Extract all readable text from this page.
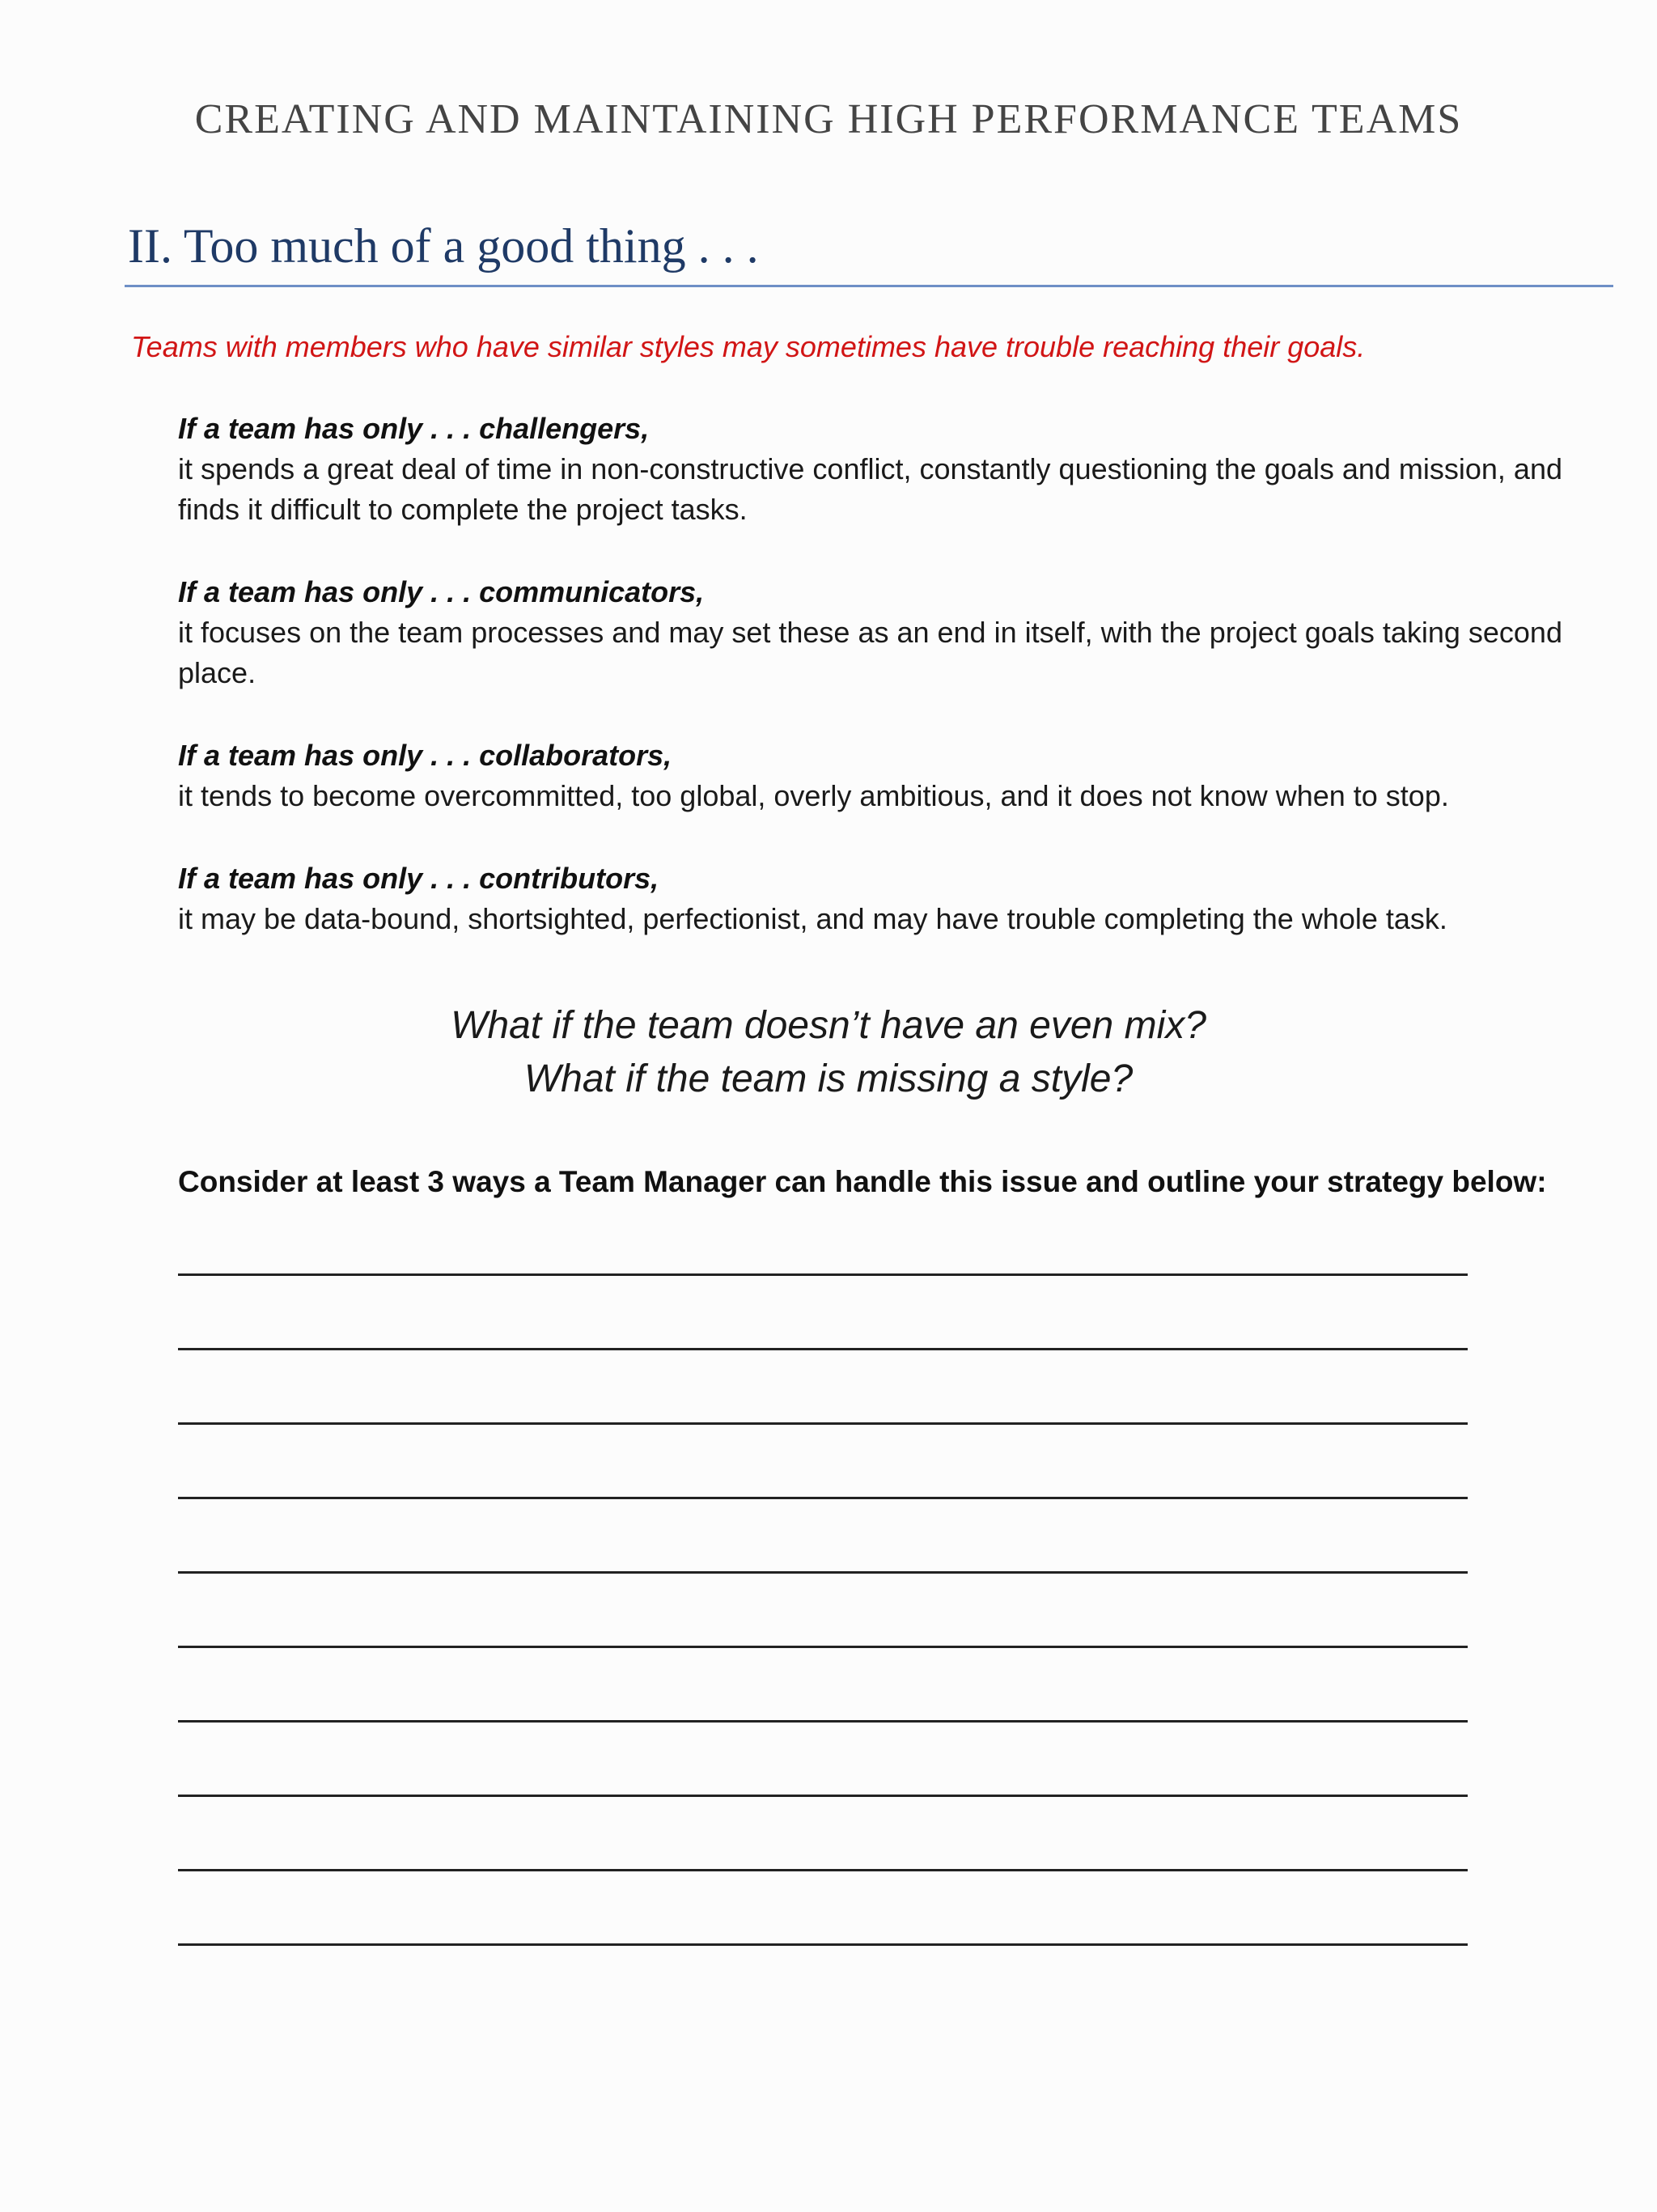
CREATING AND MAINTAINING HIGH PERFORMANCE TEAMS
II. Too much of a good thing . . .
Teams with members who have similar styles may sometimes have trouble reaching their goals.
If a team has only . . . challengers,
it spends a great deal of time in non-constructive conflict, constantly questioning the goals and mission, and finds it difficult to complete the project tasks.
If a team has only . . . communicators,
it focuses on the team processes and may set these as an end in itself, with the project goals taking second place.
If a team has only . . . collaborators,
it tends to become overcommitted, too global, overly ambitious, and it does not know when to stop.
If a team has only . . . contributors,
it may be data-bound, shortsighted, perfectionist, and may have trouble completing the whole task.
What if the team doesn’t have an even mix?
What if the team is missing a style?
Consider at least 3 ways a Team Manager can handle this issue and outline your strategy below:
